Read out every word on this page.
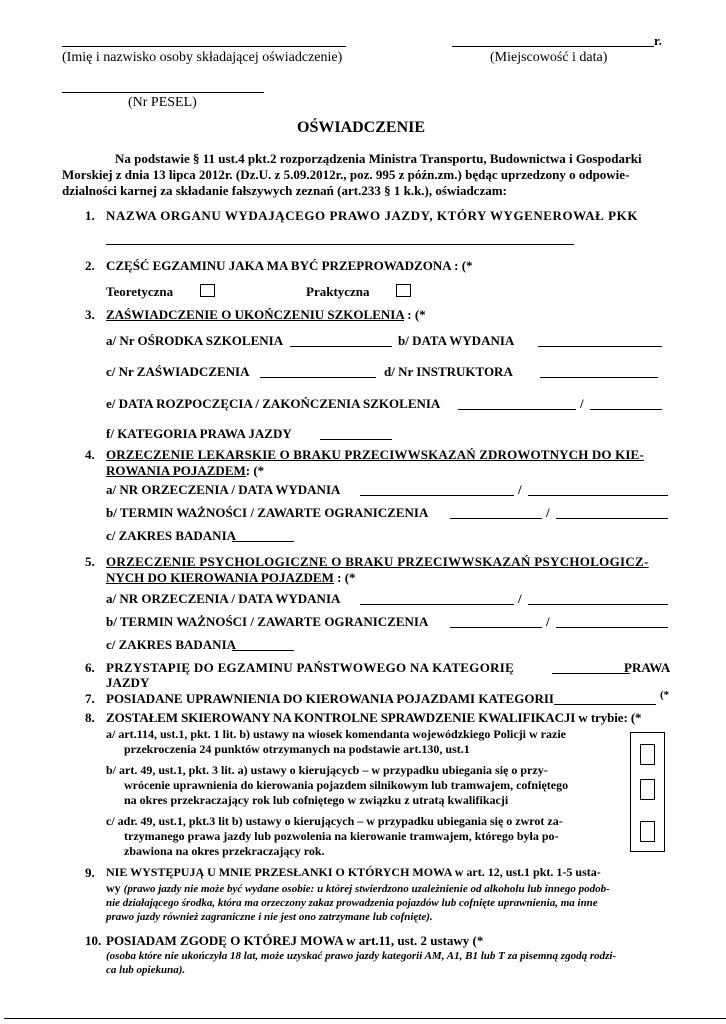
(Imię i nazwisko osoby składającej oświadczenie)
r.
(Miejscowość i data)
(Nr PESEL)
OŚWIADCZENIE
Na podstawie § 11 ust.4 pkt.2 rozporządzenia Ministra Transportu, Budownictwa i Gospodarki
Morskiej z dnia 13 lipca 2012r. (Dz.U. z 5.09.2012r., poz. 995 z późn.zm.) będąc uprzedzony o odpowie-
dzialności karnej za składanie fałszywych zeznań (art.233 § 1 k.k.), oświadczam:
1. NAZWA ORGANU WYDAJĄCEGO PRAWO JAZDY, KTÓRY WYGENEROWAŁ PKK
2. CZĘŚĆ EGZAMINU JAKA MA BYĆ PRZEPROWADZONA : (*
Teoretyczna	Praktyczna
3. ZAŚWIADCZENIE O UKOŃCZENIU SZKOLENIA : (*
a/ Nr OŚRODKA SZKOLENIA	b/ DATA WYDANIA
c/ Nr ZAŚWIADCZENIA	d/ Nr INSTRUKTORA
e/ DATA ROZPOCZĘCIA / ZAKOŃCZENIA SZKOLENIA	/
f/ KATEGORIA PRAWA JAZDY
4. ORZECZENIE LEKARSKIE O BRAKU PRZECIWWSKAZAŃ ZDROWOTNYCH DO KIE-
ROWANIA POJAZDEM: (*
a/ NR ORZECZENIA / DATA WYDANIA	/
b/ TERMIN WAŻNOŚCI / ZAWARTE OGRANICZENIA	/
c/ ZAKRES BADANIA
5. ORZECZENIE PSYCHOLOGICZNE O BRAKU PRZECIWWSKAZAŃ PSYCHOLOGICZ-
NYCH DO KIEROWANIA POJAZDEM : (*
a/ NR ORZECZENIA / DATA WYDANIA	/
b/ TERMIN WAŻNOŚCI / ZAWARTE OGRANICZENIA	/
c/ ZAKRES BADANIA
6. PRZYSTAPIĘ DO EGZAMINU PAŃSTWOWEGO NA KATEGORIĘ	PRAWA
JAZDY
7. POSIADANE UPRAWNIENIA DO KIEROWANIA POJAZDAMI KATEGORII	(*
8. ZOSTAŁEM SKIEROWANY NA KONTROLNE SPRAWDZENIE KWALIFIKACJI w trybie: (*
a/ art.114, ust.1, pkt. 1 lit. b) ustawy na wiosek komendanta wojewódzkiego Policji w razie
przekroczenia 24 punktów otrzymanych na podstawie art.130, ust.1
b/ art. 49, ust.1, pkt. 3 lit. a) ustawy o kierującycb – w przypadku ubiegania się o przy-
wrócenie uprawnienia do kierowania pojazdem silnikowym lub tramwajem, cofniętego
na okres przekraczający rok lub cofniętego w związku z utratą kwalifikacji
c/ adr. 49, ust.1, pkt.3 lit b) ustawy o kierujących – w przypadku ubiegania się o zwrot za-
trzymanego prawa jazdy lub pozwolenia na kierowanie tramwajem, którego była po-
zbawiona na okres przekraczający rok.
9. NIE WYSTĘPUJĄ U MNIE PRZESŁANKI O KTÓRYCH MOWA w art. 12, ust.1 pkt. 1-5 usta-
wy (prawo jazdy nie może być wydane osobie: u której stwierdzono uzależnienie od alkoholu lub innego podob-
nie działającego środka, która ma orzeczony zakaz prowadzenia pojazdów lub cofnięte uprawnienia, ma inne
prawo jazdy również zagraniczne i nie jest ono zatrzymane lub cofnięte).
10. POSIADAM ZGODĘ O KTÓREJ MOWA w art.11, ust. 2 ustawy (*
(osoba które nie ukończyła 18 lat, może uzyskać prawo jazdy kategorii AM, A1, B1 lub T za pisemną zgodą rodzi-
ca lub opiekuna).
